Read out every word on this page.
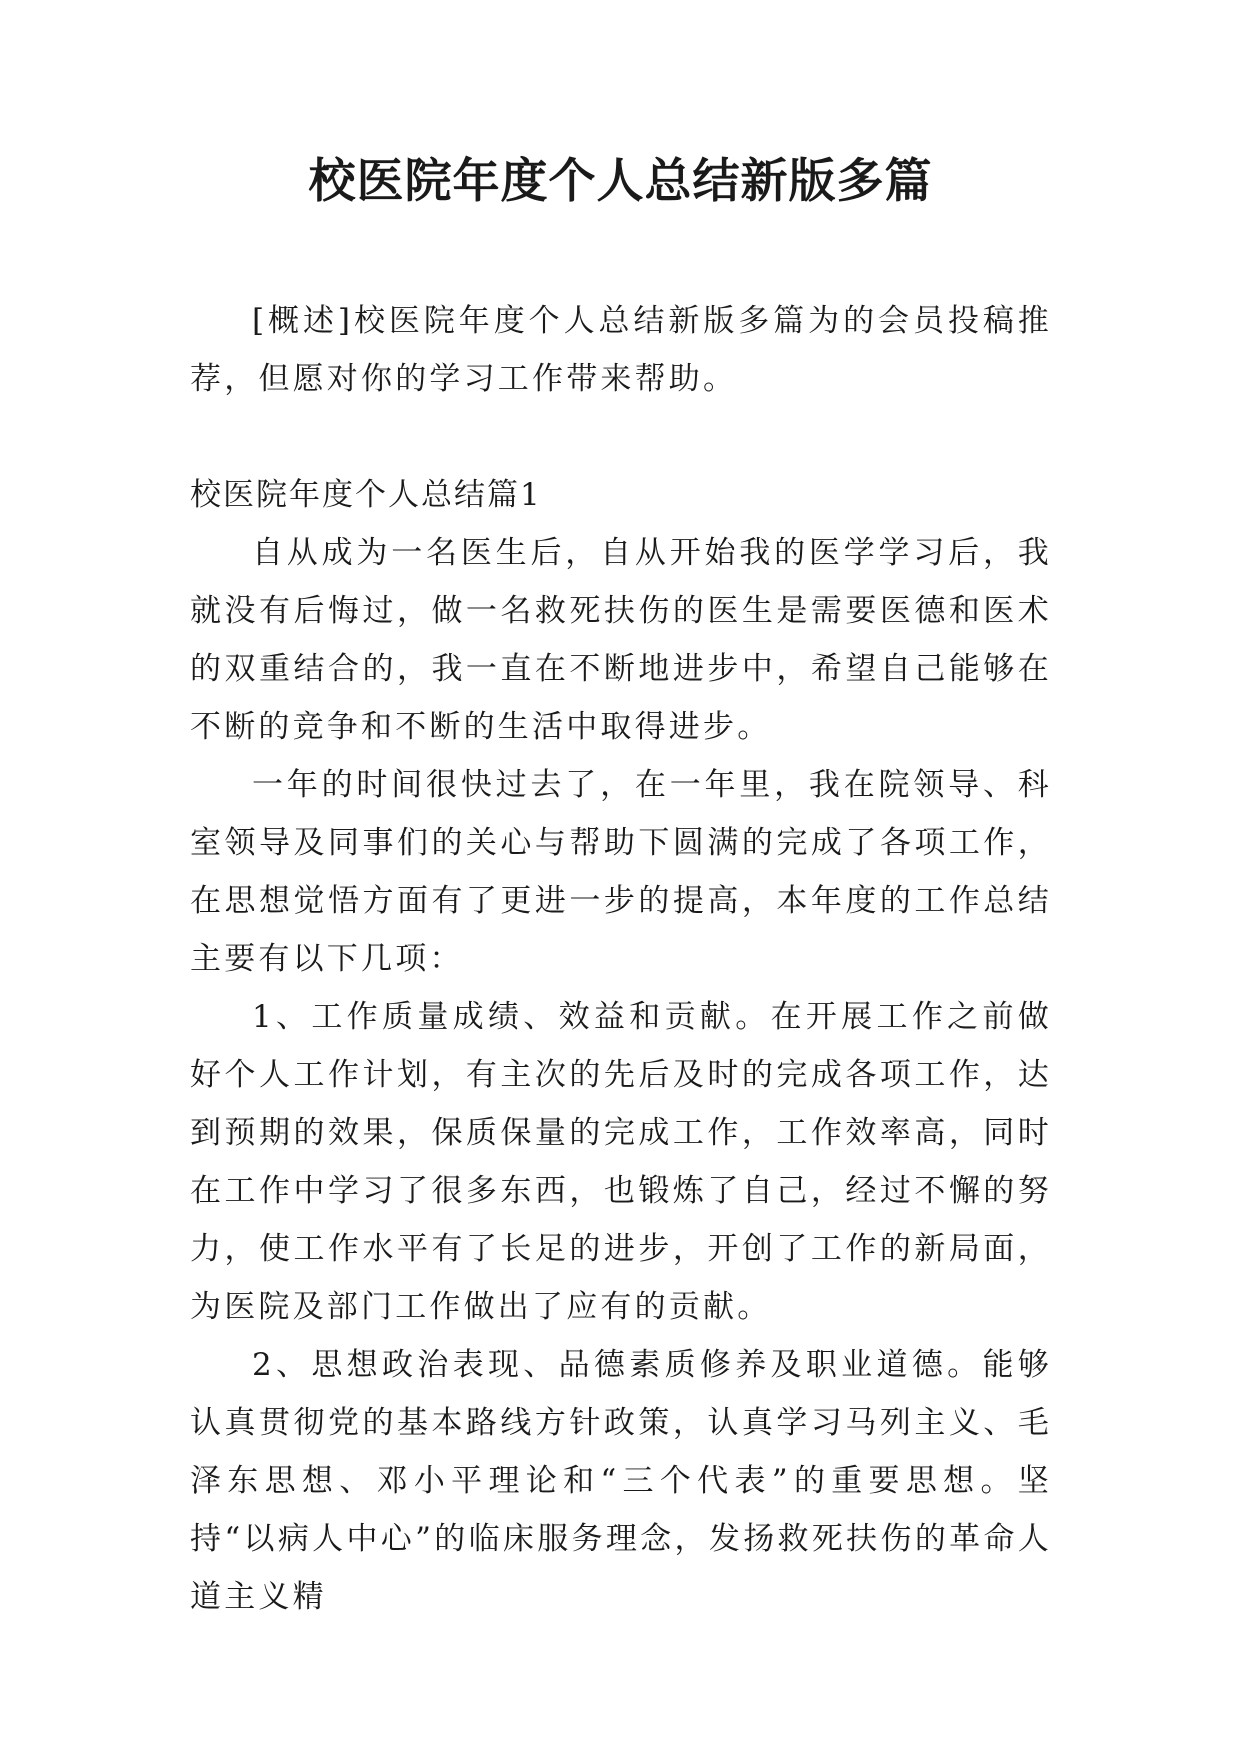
校医院年度个人总结新版多篇

[概述]校医院年度个人总结新版多篇为的会员投稿推荐，但愿对你的学习工作带来帮助。

校医院年度个人总结篇1

自从成为一名医生后，自从开始我的医学学习后，我就没有后悔过，做一名救死扶伤的医生是需要医德和医术的双重结合的，我一直在不断地进步中，希望自己能够在不断的竞争和不断的生活中取得进步。

一年的时间很快过去了，在一年里，我在院领导、科室领导及同事们的关心与帮助下圆满的完成了各项工作，在思想觉悟方面有了更进一步的提高，本年度的工作总结主要有以下几项：

1、工作质量成绩、效益和贡献。在开展工作之前做好个人工作计划，有主次的先后及时的完成各项工作，达到预期的效果，保质保量的完成工作，工作效率高，同时在工作中学习了很多东西，也锻炼了自己，经过不懈的努力，使工作水平有了长足的进步，开创了工作的新局面，为医院及部门工作做出了应有的贡献。

2、思想政治表现、品德素质修养及职业道德。能够认真贯彻党的基本路线方针政策，认真学习马列主义、毛泽东思想、邓小平理论和“三个代表”的重要思想。坚持“以病人中心”的临床服务理念，发扬救死扶伤的革命人道主义精
